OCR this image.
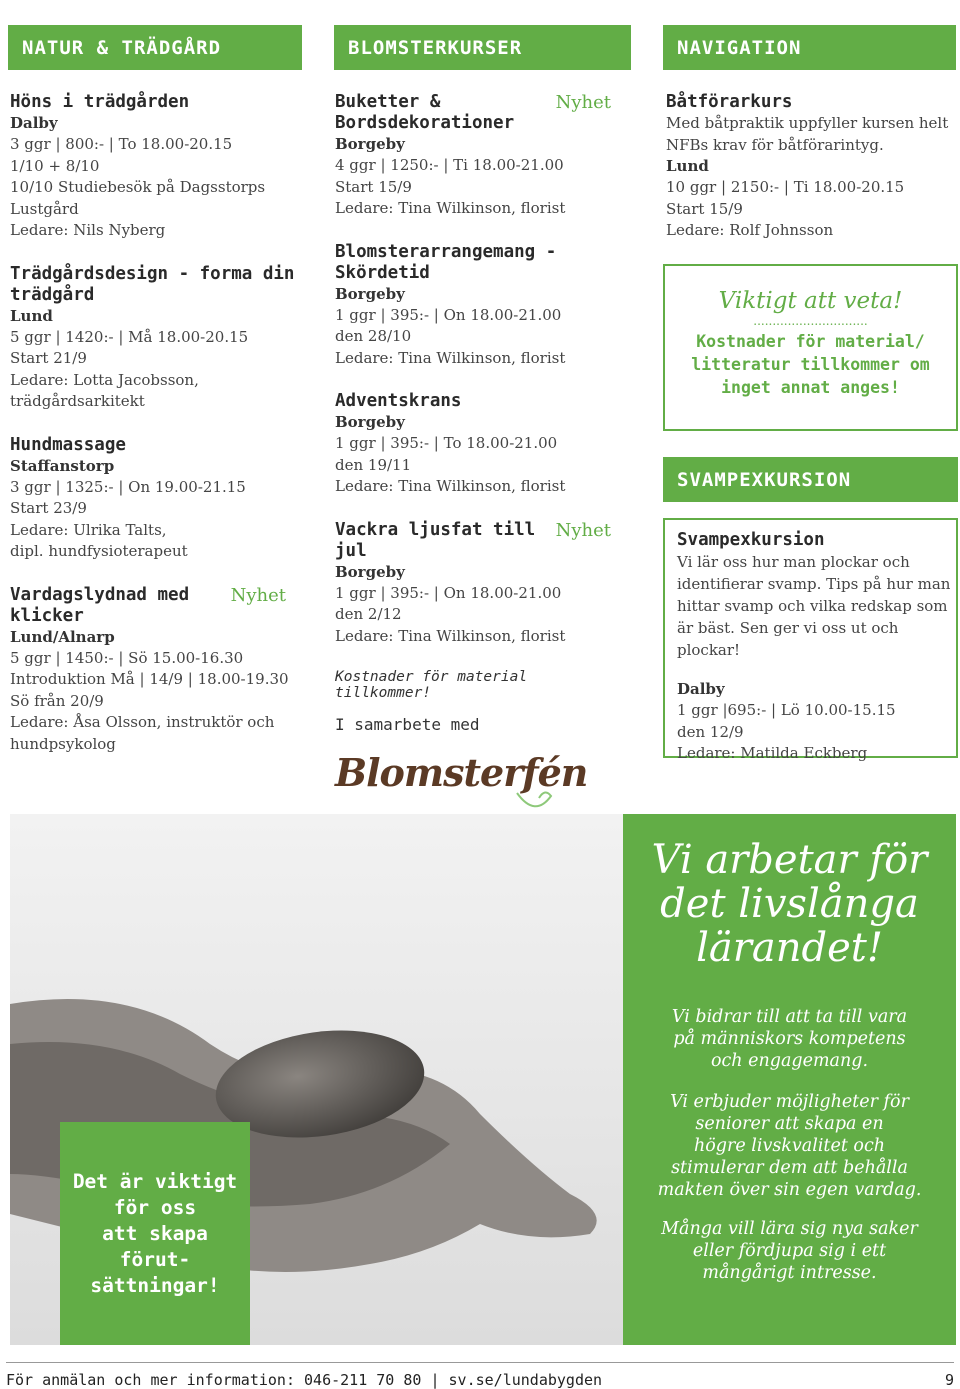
NATUR & TRÄDGÅRD	BLOMSTERKURSER	NAVIGATION
Höns i trädgården
Dalby
3 ggr | 800:- | To 18.00-20.15
1/10 + 8/10
10/10 Studiebesök på Dagsstorps
Lustgård
Ledare: Nils Nyberg
Trädgårdsdesign - forma din trädgård
Lund
5 ggr | 1420:- | Må 18.00-20.15
Start 21/9
Ledare: Lotta Jacobsson,
trädgårdsarkitekt
Hundmassage
Staffanstorp
3 ggr | 1325:- | On 19.00-21.15
Start 23/9
Ledare: Ulrika Talts,
dipl. hundfysioterapeut
Vardagslydnad med klicker
Nyhet
Lund/Alnarp
5 ggr | 1450:- | Sö 15.00-16.30
Introduktion Må | 14/9 | 18.00-19.30
Sö från 20/9
Ledare: Åsa Olsson, instruktör och
hundpsykolog
Buketter & Bordsdekorationer
Nyhet
Borgeby
4 ggr | 1250:- | Ti 18.00-21.00
Start 15/9
Ledare: Tina Wilkinson, florist
Blomsterarrangemang - Skördetid
Borgeby
1 ggr | 395:- | On 18.00-21.00
den 28/10
Ledare: Tina Wilkinson, florist
Adventskrans
Borgeby
1 ggr | 395:- | To 18.00-21.00
den 19/11
Ledare: Tina Wilkinson, florist
Vackra ljusfat till jul
Nyhet
Borgeby
1 ggr | 395:- | On 18.00-21.00
den 2/12
Ledare: Tina Wilkinson, florist
Kostnader för material tillkommer!
I samarbete med
Blomsterfén
Båtförarkurs
Med båtpraktik uppfyller kursen helt
NFBs krav för båtförarintyg.
Lund
10 ggr | 2150:- | Ti 18.00-20.15
Start 15/9
Ledare: Rolf Johnsson
Viktigt att veta!
..............................
Kostnader för material/ litteratur tillkommer om inget annat anges!
SVAMPEXKURSION
Svampexkursion
Vi lär oss hur man plockar och
identifierar svamp. Tips på hur man
hittar svamp och vilka redskap som
är bäst. Sen ger vi oss ut och plockar!
Dalby
1 ggr |695:- | Lö 10.00-15.15
den 12/9
Ledare: Matilda Eckberg
Det är viktigt
för oss
att skapa
förut-
sättningar!
Vi arbetar för
det livslånga
lärandet!
Vi bidrar till att ta till vara
på människors kompetens
och engagemang.
Vi erbjuder möjligheter för
seniorer att skapa en
högre livskvalitet och
stimulerar dem att behålla
makten över sin egen vardag.
Många vill lära sig nya saker
eller fördjupa sig i ett
mångårigt intresse.
För anmälan och mer information: 046-211 70 80 | sv.se/lundabygden	9
